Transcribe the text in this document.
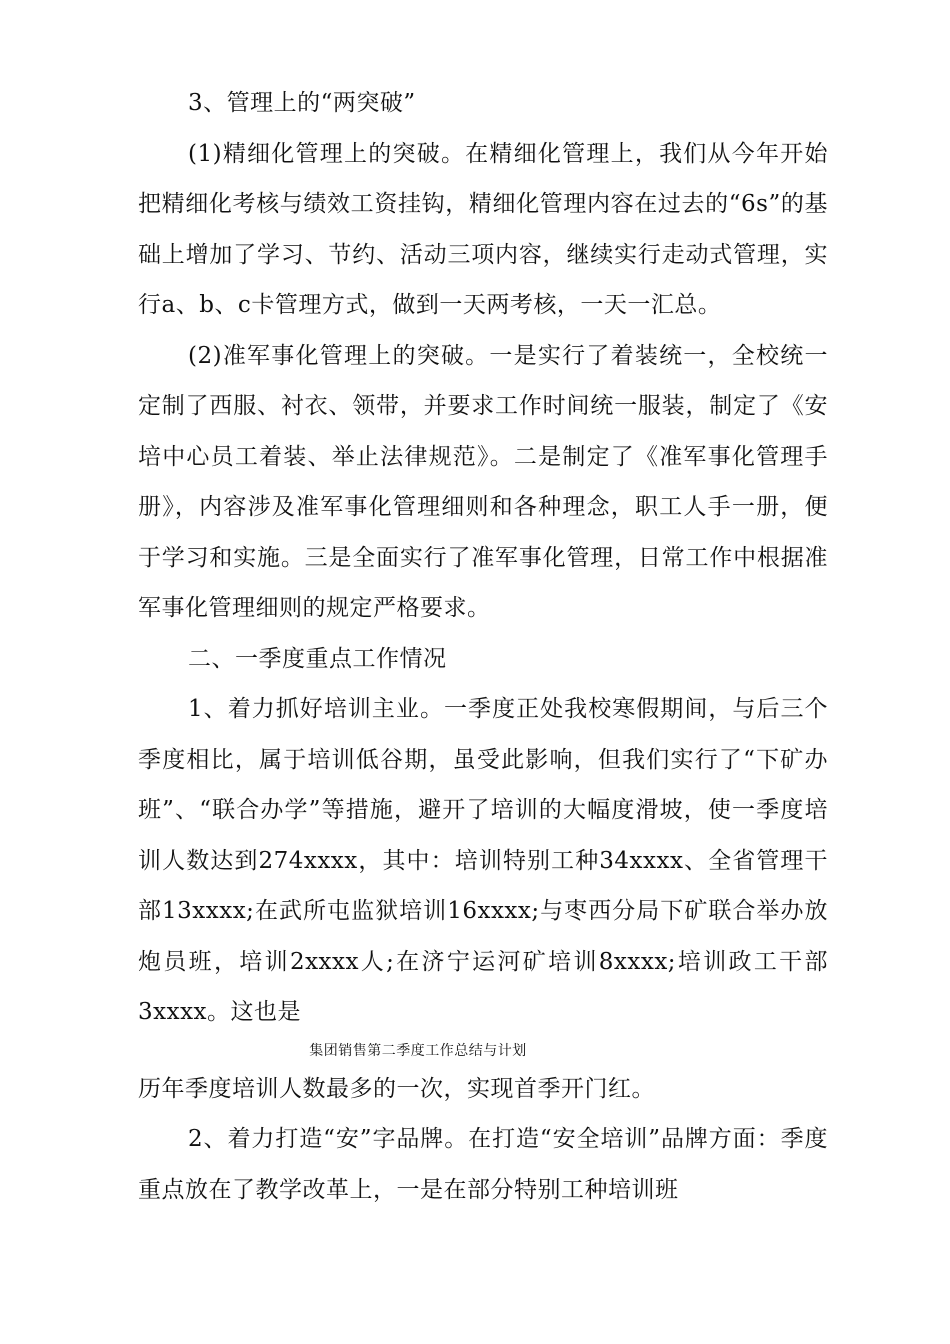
3、管理上的“两突破”

(1)精细化管理上的突破。在精细化管理上，我们从今年开始把精细化考核与绩效工资挂钩，精细化管理内容在过去的“6s”的基础上增加了学习、节约、活动三项内容，继续实行走动式管理，实行a、b、c卡管理方式，做到一天两考核，一天一汇总。

(2)准军事化管理上的突破。一是实行了着装统一，全校统一定制了西服、衬衣、领带，并要求工作时间统一服装，制定了《安培中心员工着装、举止法律规范》。二是制定了《准军事化管理手册》，内容涉及准军事化管理细则和各种理念，职工人手一册，便于学习和实施。三是全面实行了准军事化管理，日常工作中根据准军事化管理细则的规定严格要求。

二、一季度重点工作情况

1、着力抓好培训主业。一季度正处我校寒假期间，与后三个季度相比，属于培训低谷期，虽受此影响，但我们实行了“下矿办班”、“联合办学”等措施，避开了培训的大幅度滑坡，使一季度培训人数达到274xxxx，其中：培训特别工种34xxxx、全省管理干部13xxxx;在武所屯监狱培训16xxxx;与枣西分局下矿联合举办放炮员班，培训2xxxx人;在济宁运河矿培训8xxxx;培训政工干部3xxxx。这也是

集团销售第二季度工作总结与计划

历年季度培训人数最多的一次，实现首季开门红。

2、着力打造“安”字品牌。在打造“安全培训”品牌方面：季度重点放在了教学改革上，一是在部分特别工种培训班
